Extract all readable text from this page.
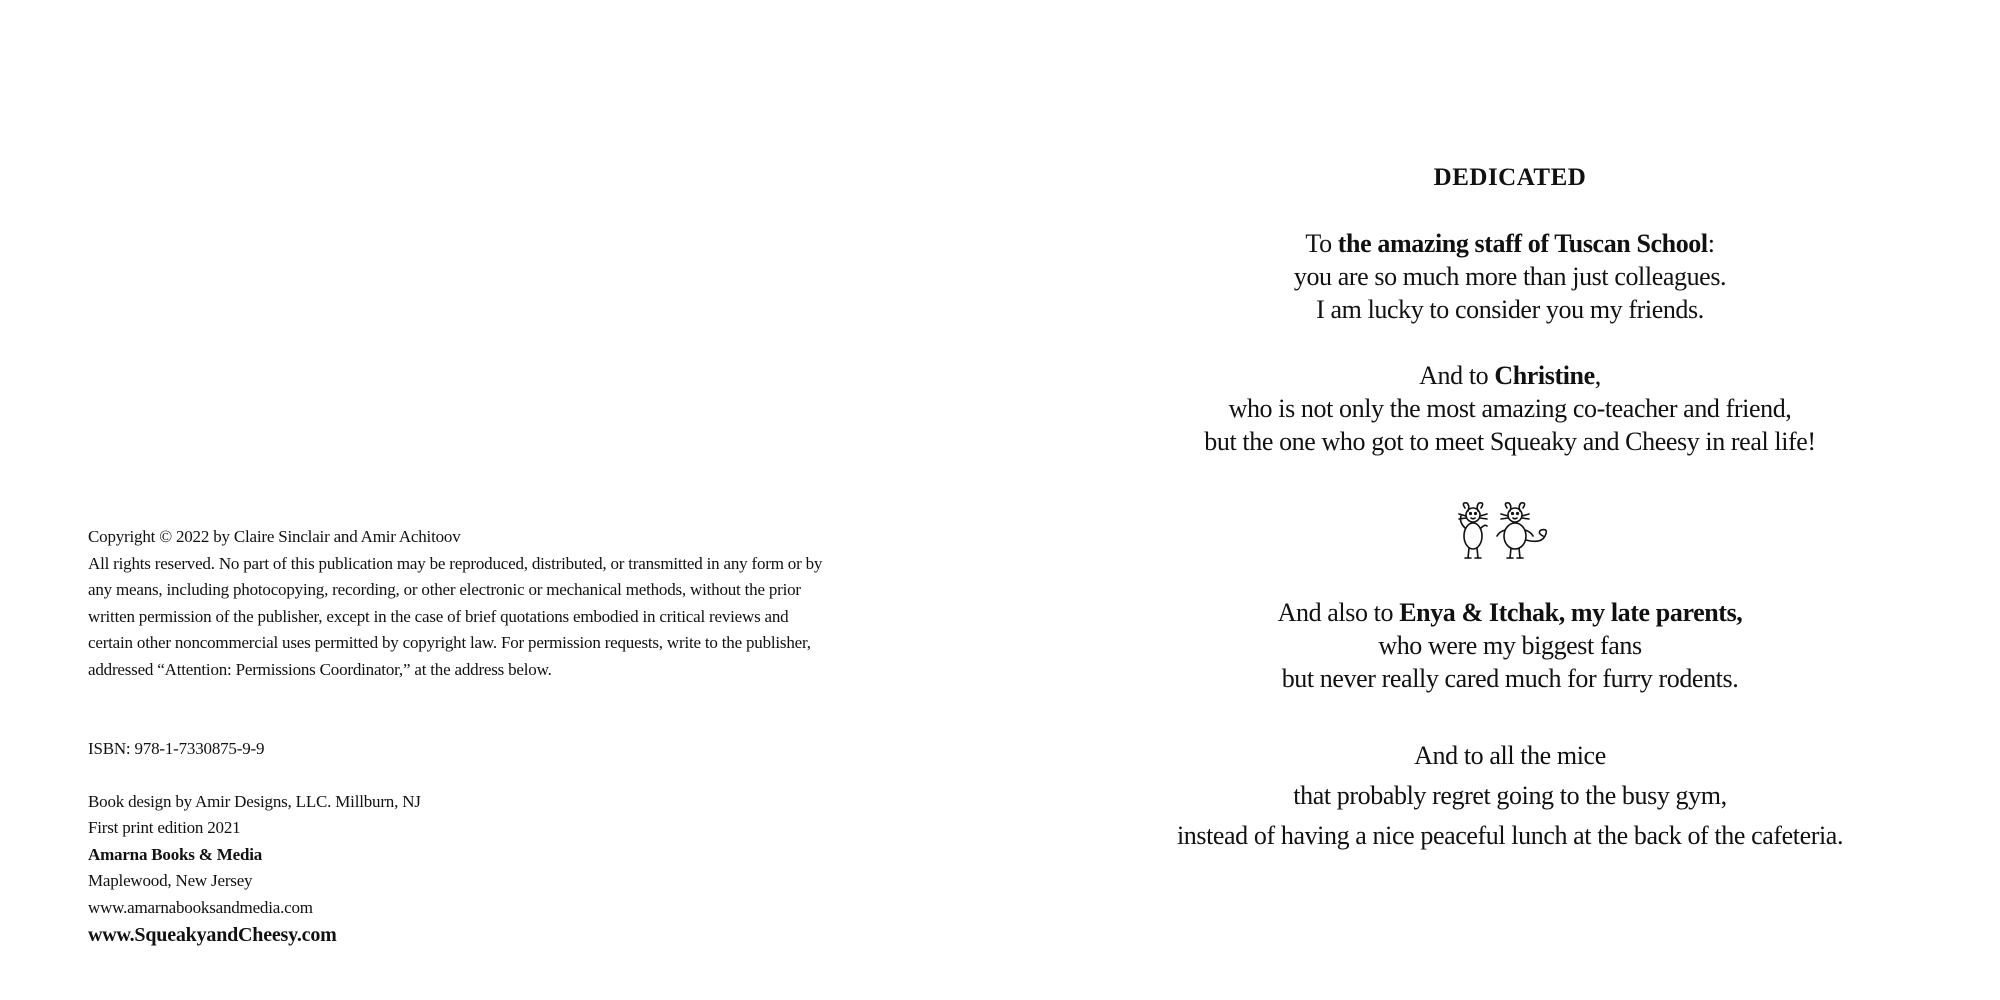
Copyright © 2022 by Claire Sinclair and Amir Achitoov

All rights reserved. No part of this publication may be reproduced, distributed, or transmitted in any form or by

any means, including photocopying, recording, or other electronic or mechanical methods, without the prior

written permission of the publisher, except in the case of brief quotations embodied in critical reviews and

certain other noncommercial uses permitted by copyright law. For permission requests, write to the publisher,

addressed “Attention: Permissions Coordinator,” at the address below.

ISBN: 978-1-7330875-9-9

Book design by Amir Designs, LLC. Millburn, NJ

First print edition 2021

Amarna Books & Media

Maplewood, New Jersey

www.amarnabooksandmedia.com

www.SqueakyandCheesy.com

DEDICATED

To the amazing staff of Tuscan School:

you are so much more than just colleagues.

I am lucky to consider you my friends.

And to Christine,

who is not only the most amazing co-teacher and friend,

but the one who got to meet Squeaky and Cheesy in real life!

And also to Enya & Itchak, my late parents,

who were my biggest fans

but never really cared much for furry rodents.

And to all the mice

that probably regret going to the busy gym,

instead of having a nice peaceful lunch at the back of the cafeteria.
